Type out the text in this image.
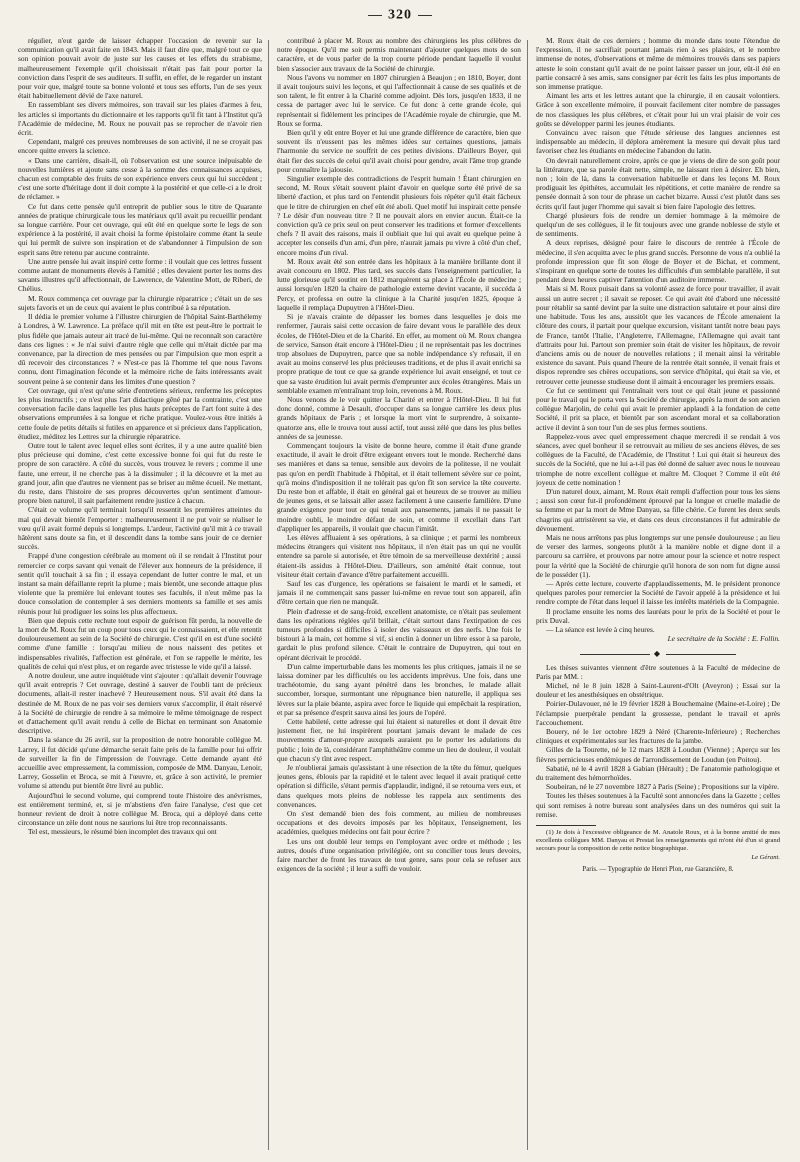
320

régulier, n'eut garde de laisser échapper l'occasion de revenir sur la communication qu'il avait faite en 1843. Mais il faut dire que, malgré tout ce que son opinion pouvait avoir de juste sur les causes et les effets du strabisme, malheureusement l'exemple qu'il choisissait n'était pas fait pour porter la conviction dans l'esprit de ses auditeurs. Il suffit, en effet, de le regarder un instant pour voir que, malgré toute sa bonne volonté et tous ses efforts, l'un de ses yeux était habituellement dévié de l'axe naturel.

En rassemblant ses divers mémoires, son travail sur les plaies d'armes à feu, les articles si importants du dictionnaire et les rapports qu'il fit tant à l'Institut qu'à l'Académie de médecine, M. Roux ne pouvait pas se reprocher de n'avoir rien écrit.

Cependant, malgré ces preuves nombreuses de son activité, il ne se croyait pas encore quitte envers la science.

« Dans une carrière, disait-il, où l'observation est une source inépuisable de nouvelles lumières et ajoute sans cesse à la somme des connaissances acquises, chacun est comptable des fruits de son expérience envers ceux qui lui succèdent ; c'est une sorte d'héritage dont il doit compte à la postérité et que celle-ci a le droit de réclamer. »

Ce fut dans cette pensée qu'il entreprit de publier sous le titre de Quarante années de pratique chirurgicale tous les matériaux qu'il avait pu recueillir pendant sa longue carrière. Pour cet ouvrage, qui eût été en quelque sorte le legs de son expérience à la postérité, il avait choisi la forme épistolaire comme étant la seule qui lui permît de suivre son inspiration et de s'abandonner à l'impulsion de son esprit sans être retenu par aucune contrainte.

Une autre pensée lui avait inspiré cette forme : il voulait que ces lettres fussent comme autant de monuments élevés à l'amitié ; elles devaient porter les noms des savants illustres qu'il affectionnait, de Lawrence, de Valentine Mott, de Riberi, de Chélius.

M. Roux commença cet ouvrage par la chirurgie réparatrice ; c'était un de ses sujets favoris et un de ceux qui avaient le plus contribué à sa réputation.

Il dédia le premier volume à l'illustre chirurgien de l'hôpital Saint-Barthélemy à Londres, à W. Lawrence. La préface qu'il mit en tête est peut-être le portrait le plus fidèle que jamais auteur ait tracé de lui-même. Qui ne reconnaît son caractère dans ces lignes : « Je n'ai suivi d'autre règle que celle qui m'était dictée par ma convenance, par la direction de mes pensées ou par l'impulsion que mon esprit a dû recevoir des circonstances ? » N'est-ce pas là l'homme tel que nous l'avons connu, dont l'imagination féconde et la mémoire riche de faits intéressants avait souvent peine à se contenir dans les limites d'une question ?

Cet ouvrage, qui n'est qu'une série d'entretiens sérieux, renferme les préceptes les plus instructifs ; ce n'est plus l'art didactique gêné par la contrainte, c'est une conversation facile dans laquelle les plus hauts préceptes de l'art font suite à des observations empruntées à sa longue et riche pratique. Voulez-vous être initiés à cette foule de petits détails si futiles en apparence et si précieux dans l'application, étudiez, méditez les Lettres sur la chirurgie réparatrice.

Outre tout le talent avec lequel elles sont écrites, il y a une autre qualité bien plus précieuse qui domine, c'est cette excessive bonne foi qui fut du reste le propre de son caractère. A côté du succès, vous trouvez le revers ; comme il une faute, une erreur, il ne cherche pas à la dissimuler ; il la découvre et la met au grand jour, afin que d'autres ne viennent pas se briser au même écueil. Ne mettant, du reste, dans l'histoire de ses propres découvertes qu'un sentiment d'amour-propre bien naturel, il sait parfaitement rendre justice à chacun.

C'était ce volume qu'il terminait lorsqu'il ressentit les premières atteintes du mal qui devait bientôt l'emporter : malheureusement il ne put voir se réaliser le vœu qu'il avait formé depuis si longtemps. L'ardeur, l'activité qu'il mit à ce travail hâtèrent sans doute sa fin, et il descendit dans la tombe sans jouir de ce dernier succès.

Frappé d'une congestion cérébrale au moment où il se rendait à l'Institut pour remercier ce corps savant qui venait de l'élever aux honneurs de la présidence, il sentit qu'il touchait à sa fin ; il essaya cependant de lutter contre le mal, et un instant sa main défaillante reprit la plume ; mais bientôt, une seconde attaque plus violente que la première lui enlevant toutes ses facultés, il n'eut même pas la douce consolation de contempler à ses derniers moments sa famille et ses amis réunis pour lui prodiguer les soins les plus affectueux.

Bien que depuis cette rechute tout espoir de guérison fût perdu, la nouvelle de la mort de M. Roux fut un coup pour tous ceux qui le connaissaient, et elle retentit douloureusement au sein de la Société de chirurgie. C'est qu'il en est d'une société comme d'une famille : lorsqu'au milieu de nous naissent des petites et indispensables rivalités, l'affection est générale, et l'on se rappelle le mérite, les qualités de celui qui n'est plus, et on regarde avec tristesse le vide qu'il a laissé.

A notre douleur, une autre inquiétude vint s'ajouter : qu'allait devenir l'ouvrage qu'il avait entrepris ? Cet ouvrage, destiné à sauver de l'oubli tant de précieux documents, allait-il rester inachevé ? Heureusement nous. S'il avait été dans la destinée de M. Roux de ne pas voir ses derniers vœux s'accomplir, il était réservé à la Société de chirurgie de rendre à sa mémoire le même témoignage de respect et d'attachement qu'il avait rendu à celle de Bichat en terminant son Anatomie descriptive.

Dans la séance du 26 avril, sur la proposition de notre honorable collègue M. Larrey, il fut décidé qu'une démarche serait faite près de la famille pour lui offrir de surveiller la fin de l'impression de l'ouvrage. Cette demande ayant été accueillie avec empressement, la commission, composée de MM. Danyau, Lenoir, Larrey, Gosselin et Broca, se mit à l'œuvre, et, grâce à son activité, le premier volume si attendu put bientôt être livré au public.

Aujourd'hui le second volume, qui comprend toute l'histoire des anévrismes, est entièrement terminé, et, si je m'abstiens d'en faire l'analyse, c'est que cet honneur revient de droit à notre collègue M. Broca, qui a déployé dans cette circonstance un zèle dont nous ne saurions lui être trop reconnaissants.

Tel est, messieurs, le résumé bien incomplet des travaux qui ont

contribué à placer M. Roux au nombre des chirurgiens les plus célèbres de notre époque. Qu'il me soit permis maintenant d'ajouter quelques mots de son caractère, et de vous parler de la trop courte période pendant laquelle il voulut bien s'associer aux travaux de la Société de chirurgie.

Nous l'avons vu nommer en 1807 chirurgien à Beaujon ; en 1810, Boyer, dont il avait toujours suivi les leçons, et qui l'affectionnait à cause de ses qualités et de son talent, le fit entrer à la Charité comme adjoint. Dès lors, jusqu'en 1833, il ne cessa de partager avec lui le service. Ce fut donc à cette grande école, qui représentait si fidèlement les principes de l'Académie royale de chirurgie, que M. Roux se forma.

Bien qu'il y eût entre Boyer et lui une grande différence de caractère, bien que souvent ils n'eussent pas les mêmes idées sur certaines questions, jamais l'harmonie du service ne souffrit de ces petites divisions. D'ailleurs Boyer, qui était fier des succès de celui qu'il avait choisi pour gendre, avait l'âme trop grande pour connaître la jalousie.

Singulier exemple des contradictions de l'esprit humain ! Étant chirurgien en second, M. Roux s'était souvent plaint d'avoir en quelque sorte été privé de sa liberté d'action, et plus tard on l'entendit plusieurs fois répéter qu'il était fâcheux que le titre de chirurgien en chef eût été aboli. Quel motif lui inspirait cette pensée ? Le désir d'un nouveau titre ? Il ne pouvait alors en envier aucun. Était-ce la conviction qu'à ce prix seul on peut conserver les traditions et former d'excellents chefs ? Il avait des raisons, mais il oubliait que lui qui avait eu quelque peine à accepter les conseils d'un ami, d'un père, n'aurait jamais pu vivre à côté d'un chef, encore moins d'un rival.

M. Roux avait été son entrée dans les hôpitaux à la manière brillante dont il avait concouru en 1802. Plus tard, ses succès dans l'enseignement particulier, la lutte glorieuse qu'il soutint en 1812 marquèrent sa place à l'École de médecine ; aussi lorsqu'en 1820 la chaire de pathologie externe devint vacante, il succéda à Percy, et professa en outre la clinique à la Charité jusqu'en 1825, époque à laquelle il remplaça Dupuytren à l'Hôtel-Dieu.

Si je n'avais crainte de dépasser les bornes dans lesquelles je dois me renfermer, j'aurais saisi cette occasion de faire devant vous le parallèle des deux écoles, de l'Hôtel-Dieu et de la Charité. En effet, au moment où M. Roux changea de service, Sanson était encore à l'Hôtel-Dieu ; il ne représentait pas les doctrines trop absolues de Dupuytren, parce que sa noble indépendance s'y refusait, il en avait au moins conservé les plus précieuses traditions, et de plus il avait enrichi sa propre pratique de tout ce que sa grande expérience lui avait enseigné, et tout ce que sa vaste érudition lui avait permis d'emprunter aux écoles étrangères. Mais un semblable examen m'entraînant trop loin, revenons à M. Roux.

Nous venons de le voir quitter la Charité et entrer à l'Hôtel-Dieu. Il lui fut donc donné, comme à Desault, d'occuper dans sa longue carrière les deux plus grands hôpitaux de Paris ; et lorsque la mort vint le surprendre, à soixante-quatorze ans, elle le trouva tout aussi actif, tout aussi zélé que dans les plus belles années de sa jeunesse.

Commençant toujours la visite de bonne heure, comme il était d'une grande exactitude, il avait le droit d'être exigeant envers tout le monde. Recherché dans ses manières et dans sa tenue, sensible aux devoirs de la politesse, il ne voulait pas qu'on en perdît l'habitude à l'hôpital, et il était tellement sévère sur ce point, qu'à moins d'indisposition il ne tolérait pas qu'on fît son service la tête couverte. Du reste bon et affable, il était en général gai et heureux de se trouver au milieu de jeunes gens, et se laissait aller assez facilement à une causerie familière. D'une grande exigence pour tout ce qui tenait aux pansements, jamais il ne passait le moindre oubli, le moindre défaut de soin, et comme il excellait dans l'art d'appliquer les appareils, il voulait que chacun l'imitât.

Les élèves affluaient à ses opérations, à sa clinique ; et parmi les nombreux médecins étrangers qui visitent nos hôpitaux, il n'en était pas un qui ne voulût entendre sa parole si autorisée, et être témoin de sa merveilleuse dextérité ; aussi étaient-ils assidus à l'Hôtel-Dieu. D'ailleurs, son aménité était connue, tout visiteur était certain d'avance d'être parfaitement accueilli.

Sauf les cas d'urgence, les opérations se faisaient le mardi et le samedi, et jamais il ne commençait sans passer lui-même en revue tout son appareil, afin d'être certain que rien ne manquât.

Plein d'adresse et de sang-froid, excellent anatomiste, ce n'était pas seulement dans les opérations réglées qu'il brillait, c'était surtout dans l'extirpation de ces tumeurs profondes si difficiles à isoler des vaisseaux et des nerfs. Une fois le bistouri à la main, cet homme si vif, si enclin à donner un libre essor à sa parole, gardait le plus profond silence. C'était le contraire de Dupuytren, qui tout en opérant décrivait le procédé.

D'un calme imperturbable dans les moments les plus critiques, jamais il ne se laissa dominer par les difficultés ou les accidents imprévus. Une fois, dans une trachéotomie, du sang ayant pénétré dans les bronches, le malade allait succomber, lorsque, surmontant une répugnance bien naturelle, il appliqua ses lèvres sur la plaie béante, aspira avec force le liquide qui empêchait la respiration, et par sa présence d'esprit sauva ainsi les jours de l'opéré.

Cette habileté, cette adresse qui lui étaient si naturelles et dont il devait être justement fier, ne lui inspirèrent pourtant jamais devant le malade de ces mouvements d'amour-propre auxquels auraient pu le porter les adulations du public ; loin de là, considérant l'amphithéâtre comme un lieu de douleur, il voulait que chacun s'y tînt avec respect.

Je n'oublierai jamais qu'assistant à une résection de la tête du fémur, quelques jeunes gens, éblouis par la rapidité et le talent avec lequel il avait pratiqué cette opération si difficile, s'étant permis d'applaudir, indigné, il se retourna vers eux, et dans quelques mots pleins de noblesse les rappela aux sentiments des convenances.

On s'est demandé bien des fois comment, au milieu de nombreuses occupations et des devoirs imposés par les hôpitaux, l'enseignement, les académies, quelques médecins ont fait pour écrire ?

Les uns ont doublé leur temps en l'employant avec ordre et méthode ; les autres, doués d'une organisation privilégiée, ont su concilier tous leurs devoirs, faire marcher de front les travaux de tout genre, sans pour cela se refuser aux exigences de la société ; il leur a suffi de vouloir.

M. Roux était de ces derniers ; homme du monde dans toute l'étendue de l'expression, il ne sacrifiait pourtant jamais rien à ses plaisirs, et le nombre immense de notes, d'observations et même de mémoires trouvés dans ses papiers atteste le soin constant qu'il avait de ne point laisser passer un jour, eût-il été en partie consacré à ses amis, sans consigner par écrit les faits les plus importants de son immense pratique.

Aimant les arts et les lettres autant que la chirurgie, il en causait volontiers. Grâce à son excellente mémoire, il pouvait facilement citer nombre de passages de nos classiques les plus célèbres, et c'était pour lui un vrai plaisir de voir ces goûts se développer parmi les jeunes étudiants.

Convaincu avec raison que l'étude sérieuse des langues anciennes est indispensable au médecin, il déplora amèrement la mesure qui devait plus tard favoriser chez les étudiants en médecine l'abandon du latin.

On devrait naturellement croire, après ce que je viens de dire de son goût pour la littérature, que sa parole était nette, simple, ne laissant rien à désirer. Eh bien, non ; loin de là, dans la conversation habituelle et dans les leçons M. Roux prodiguait les épithètes, accumulait les répétitions, et cette manière de rendre sa pensée donnait à son tour de phrase un cachet bizarre. Aussi c'est plutôt dans ses écrits qu'il faut juger l'homme qui savait si bien faire l'apologie des lettres.

Chargé plusieurs fois de rendre un dernier hommage à la mémoire de quelqu'un de ses collègues, il le fit toujours avec une grande noblesse de style et de sentiments.

A deux reprises, désigné pour faire le discours de rentrée à l'École de médecine, il s'en acquitta avec le plus grand succès. Personne de vous n'a oublié la profonde impression que fit son éloge de Boyer et de Bichat, et comment, s'inspirant en quelque sorte de toutes les difficultés d'un semblable parallèle, il sut pendant deux heures captiver l'attention d'un auditoire immense.

Mais si M. Roux puisait dans sa volonté assez de force pour travailler, il avait aussi un autre secret ; il savait se reposer. Ce qui avait été d'abord une nécessité pour rétablir sa santé devint par la suite une distraction salutaire et pour ainsi dire une habitude. Tous les ans, aussitôt que les vacances de l'École amenaient la clôture des cours, il partait pour quelque excursion, visitant tantôt notre beau pays de France, tantôt l'Italie, l'Angleterre, l'Allemagne, l'Allemagne qui avait tant d'attraits pour lui. Partout son premier soin était de visiter les hôpitaux, de revoir d'anciens amis ou de nouer de nouvelles relations ; il menait ainsi la véritable existence du savant. Puis quand l'heure de la rentrée était sonnée, il venait frais et dispos reprendre ses chères occupations, son service d'hôpital, qui était sa vie, et retrouver cette jeunesse studieuse dont il aimait à encourager les premiers essais.

Ce fut ce sentiment qui l'entraînait vers tout ce qui était jeune et passionné pour le travail qui le porta vers la Société de chirurgie, après la mort de son ancien collègue Marjolin, de celui qui avait le premier applaudi à la fondation de cette Société, il prit sa place, et bientôt par son ascendant moral et sa collaboration active il devint à son tour l'un de ses plus fermes soutiens.

Rappelez-vous avec quel empressement chaque mercredi il se rendait à vos séances, avec quel bonheur il se retrouvait au milieu de ses anciens élèves, de ses collègues de la Faculté, de l'Académie, de l'Institut ! Lui qui était si heureux des succès de la Société, que ne lui a-t-il pas été donné de saluer avec nous le nouveau triomphe de notre excellent collègue et maître M. Cloquet ? Comme il eût été joyeux de cette nomination !

D'un naturel doux, aimant, M. Roux était rempli d'affection pour tous les siens ; aussi son cœur fut-il profondément éprouvé par la longue et cruelle maladie de sa femme et par la mort de Mme Danyau, sa fille chérie. Ce furent les deux seuls chagrins qui attristèrent sa vie, et dans ces deux circonstances il fut admirable de dévouement.

Mais ne nous arrêtons pas plus longtemps sur une pensée douloureuse ; au lieu de verser des larmes, songeons plutôt à la manière noble et digne dont il a parcouru sa carrière, et prouvons par notre amour pour la science et notre respect pour la vérité que la Société de chirurgie qu'il honora de son nom fut digne aussi de le posséder (1).

— Après cette lecture, couverte d'applaudissements, M. le président prononce quelques paroles pour remercier la Société de l'avoir appelé à la présidence et lui rendre compte de l'état dans lequel il laisse les intérêts matériels de la Compagnie.

Il proclame ensuite les noms des lauréats pour le prix de la Société et pour le prix Duval.

— La séance est levée à cinq heures.

Le secrétaire de la Société : E. Follin.

◆

Les thèses suivantes viennent d'être soutenues à la Faculté de médecine de Paris par MM. :

Michel, né le 8 juin 1828 à Saint-Laurent-d'Olt (Aveyron) ; Essai sur la douleur et les anesthésiques en obstétrique.

Poirier-Dulavouer, né le 19 février 1828 à Bouchemaine (Maine-et-Loire) ; De l'éclampsie puerpérale pendant la grossesse, pendant le travail et après l'accouchement.

Bouery, né le 1er octobre 1829 à Néré (Charente-Inférieure) ; Recherches cliniques et expérimentales sur les fractures de la jambe.

Gilles de la Tourette, né le 12 mars 1828 à Loudun (Vienne) ; Aperçu sur les fièvres pernicieuses endémiques de l'arrondissement de Loudun (en Poitou).

Sabatié, né le 4 avril 1828 à Gabian (Hérault) ; De l'anatomie pathologique et du traitement des hémorrhoïdes.

Soubeiran, né le 27 novembre 1827 à Paris (Seine) ; Propositions sur la vipère.

Toutes les thèses soutenues à la Faculté sont annoncées dans la Gazette ; celles qui sont remises à notre bureau sont analysées dans un des numéros qui suit la remise.

(1) Je dois à l'excessive obligeance de M. Anatole Roux, et à la bonne amitié de mes excellents collègues MM. Danyau et Prestat les renseignements qui m'ont été d'un si grand secours pour la composition de cette notice biographique.

Le Gérant.
Paris. — Typographie de Henri Plon, rue Garancière, 8.
